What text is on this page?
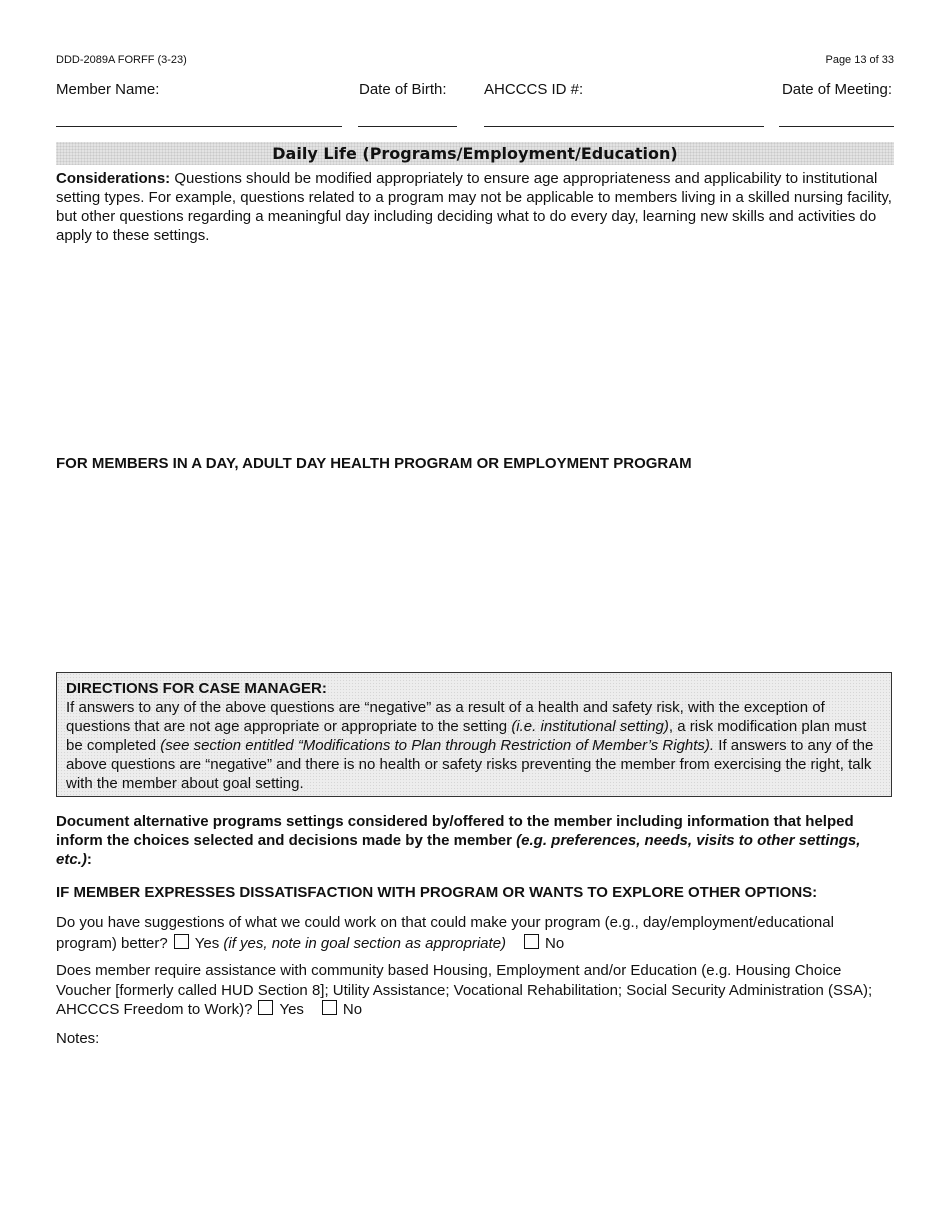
DDD-2089A FORFF (3-23)	Page 13 of 33
Member Name:	Date of Birth: AHCCCS ID #:	Date of Meeting:
Daily Life (Programs/Employment/Education)
Considerations: Questions should be modified appropriately to ensure age appropriateness and applicability to institutional setting types. For example, questions related to a program may not be applicable to members living in a skilled nursing facility, but other questions regarding a meaningful day including deciding what to do every day, learning new skills and activities do apply to these settings.
FOR MEMBERS IN A DAY, ADULT DAY HEALTH PROGRAM OR EMPLOYMENT PROGRAM
DIRECTIONS FOR CASE MANAGER:
If answers to any of the above questions are “negative” as a result of a health and safety risk, with the exception of questions that are not age appropriate or appropriate to the setting (i.e. institutional setting), a risk modification plan must be completed (see section entitled “Modifications to Plan through Restriction of Member’s Rights). If answers to any of the above questions are “negative” and there is no health or safety risks preventing the member from exercising the right, talk with the member about goal setting.
Document alternative programs settings considered by/offered to the member including information that helped inform the choices selected and decisions made by the member (e.g. preferences, needs, visits to other settings, etc.):
IF MEMBER EXPRESSES DISSATISFACTION WITH PROGRAM OR WANTS TO EXPLORE OTHER OPTIONS:
Do you have suggestions of what we could work on that could make your program (e.g., day/employment/educational program) better? Yes (if yes, note in goal section as appropriate)	No
Does member require assistance with community based Housing, Employment and/or Education (e.g. Housing Choice Voucher [formerly called HUD Section 8]; Utility Assistance; Vocational Rehabilitation; Social Security Administration (SSA); AHCCCS Freedom to Work)? Yes	No
Notes:
